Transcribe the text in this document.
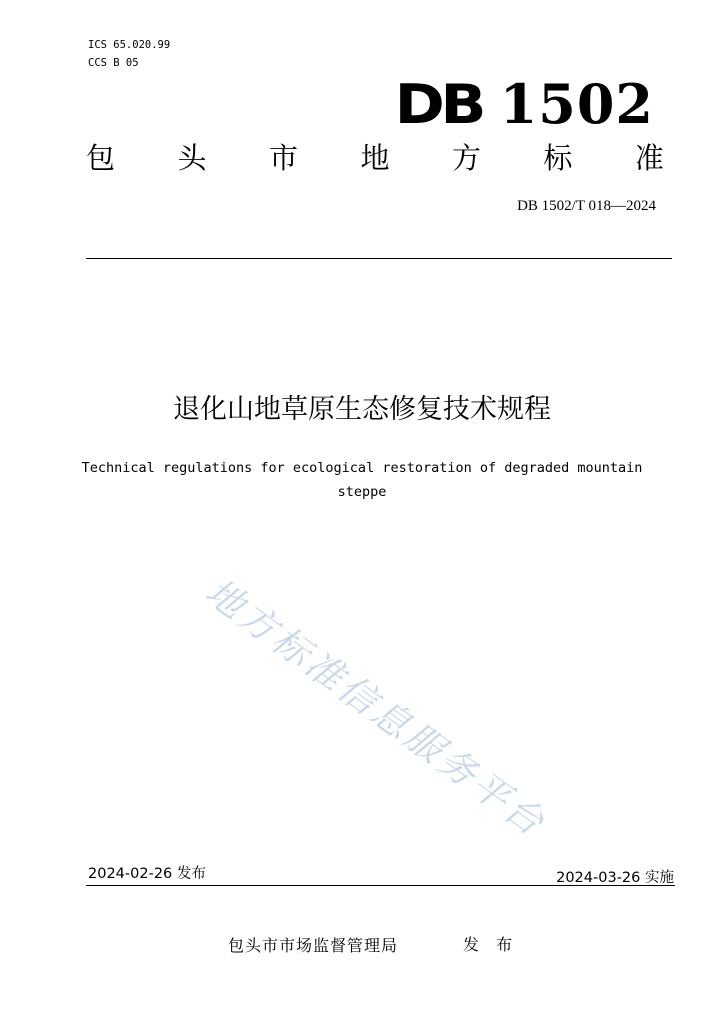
ICS 65.020.99
CCS B 05
DB 1502
包 头 市 地 方 标 准
DB 1502/T 018—2024
退化山地草原生态修复技术规程
Technical regulations for ecological restoration of degraded mountain steppe
地方标准信息服务平台
2024-02-26 发布	2024-03-26 实施
包头市市场监督管理局	发 布
